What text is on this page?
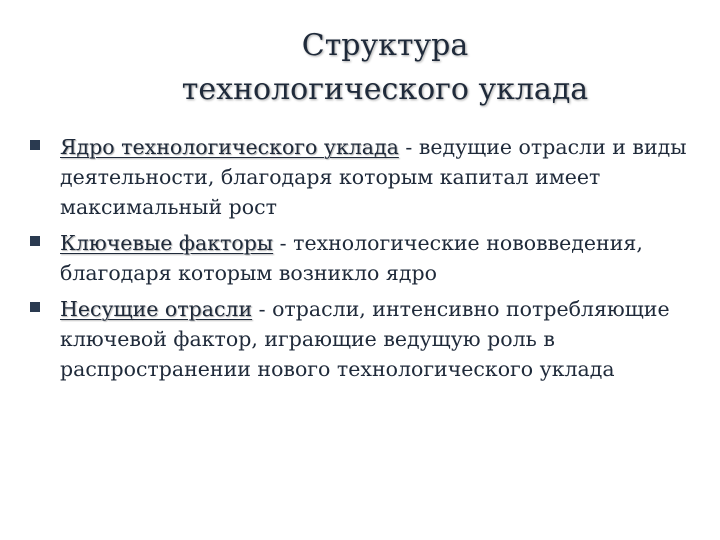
Структура
технологического уклада
Ядро технологического уклада - ведущие отрасли и виды деятельности, благодаря которым капитал имеет максимальный рост
Ключевые факторы - технологические нововведения, благодаря которым возникло ядро
Несущие отрасли - отрасли, интенсивно потребляющие ключевой фактор, играющие ведущую роль в распространении нового технологического уклада
